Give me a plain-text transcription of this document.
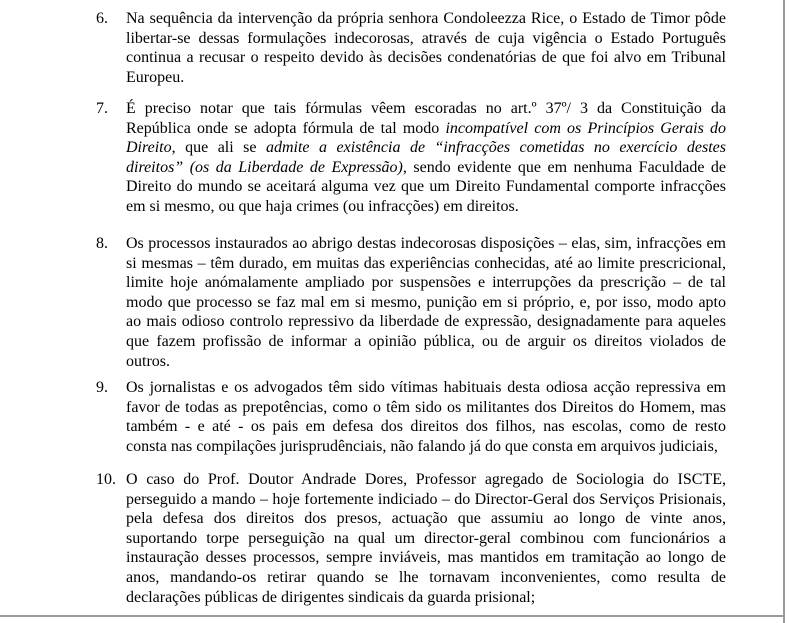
6. Na sequência da intervenção da própria senhora Condoleezza Rice, o Estado de Timor pôde
libertar-se dessas formulações indecorosas, através de cuja vigência o Estado Português
continua a recusar o respeito devido às decisões condenatórias de que foi alvo em Tribunal
Europeu.
7. É preciso notar que tais fórmulas vêem escoradas no art.º 37º/ 3 da Constituição da
República onde se adopta fórmula de tal modo incompatível com os Princípios Gerais do
Direito, que ali se admite a existência de “infracções cometidas no exercício destes
direitos” (os da Liberdade de Expressão), sendo evidente que em nenhuma Faculdade de
Direito do mundo se aceitará alguma vez que um Direito Fundamental comporte infracções
em si mesmo, ou que haja crimes (ou infracções) em direitos.
8. Os processos instaurados ao abrigo destas indecorosas disposições – elas, sim, infracções em
si mesmas – têm durado, em muitas das experiências conhecidas, até ao limite prescricional,
limite hoje anómalamente ampliado por suspensões e interrupções da prescrição – de tal
modo que processo se faz mal em si mesmo, punição em si próprio, e, por isso, modo apto
ao mais odioso controlo repressivo da liberdade de expressão, designadamente para aqueles
que fazem profissão de informar a opinião pública, ou de arguir os direitos violados de
outros.
9. Os jornalistas e os advogados têm sido vítimas habituais desta odiosa acção repressiva em
favor de todas as prepotências, como o têm sido os militantes dos Direitos do Homem, mas
também - e até - os pais em defesa dos direitos dos filhos, nas escolas, como de resto
consta nas compilações jurisprudênciais, não falando já do que consta em arquivos judiciais,
10. O caso do Prof. Doutor Andrade Dores, Professor agregado de Sociologia do ISCTE,
perseguido a mando – hoje fortemente indiciado – do Director-Geral dos Serviços Prisionais,
pela defesa dos direitos dos presos, actuação que assumiu ao longo de vinte anos,
suportando torpe perseguição na qual um director-geral combinou com funcionários a
instauração desses processos, sempre inviáveis, mas mantidos em tramitação ao longo de
anos, mandando-os retirar quando se lhe tornavam inconvenientes, como resulta de
declarações públicas de dirigentes sindicais da guarda prisional;
